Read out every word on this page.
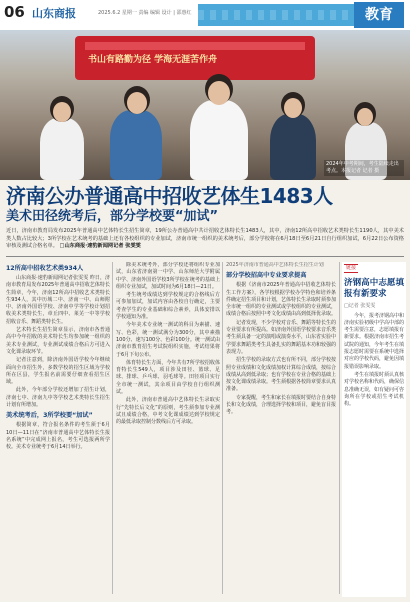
06 山东商报	2025.6.2 星期一 责编 编辑 设计 | 邵惠红	教育
书山有路勤为径 学海无涯苦作舟
2024年中考期间，考生陆续走出考点。本报记者 记者 摄
济南公办普通高中招收艺体生1483人
美术田径统考后，部分学校要“加试”
近日，济南市教育局发布2025年普通高中艺体特长生招生简章，19所公办普通高中共计招收艺体特长生1483人，其中，济南12所高中招收艺术类特长生1190人，其中美术类人数占比较大；3所学校在艺术统考的基础上还有各校组织的专业加试，济南市统一组织的美术统考后，部分学校将在6月18日至6月21日自行组织加试，6月22日公布资格审核及测试合格名单。 □山东商报·速豹新闻网记者 张雯雯
12所高中招收艺术类934人

山东商报·速豹新闻网记者张雯雯 昨日，济南市教育局发布2025年普通高中招收艺体特长生简章，今年，济南12所高中招收艺术类特长生934人，其中历城二中、济南一中、山师附中、济南外国语学校、济南中学等学校计划招收美术类特长生，章丘四中、莱芜一中等学校招收音乐、舞蹈类特长生。

艺术特长生招生简章显示，济南市各普通高中今年招收的美术特长生均参加统一组织的美术专业测试，专业测试成绩合格后方可进入文化课录取环节。

记者注意到，除济南外国语学校今年继续面向全市招生外，多数学校的招生区域为学校所在区县，学生报名前需要仔细查看招生区域。

此外，今年部分学校还增加了招生计划，济南七中、济南九中等学校艺术类特长生招生计划有所增加。

美术统考后，3所学校要“加试”

根据简章，符合报名条件的考生须于6月10日—11日在“济南市普通高中艺体特长生报名系统”中完成网上报名，考生可选报两所学校。美术专业统考于6月14日举行。

除美术统考外，部分学校还将组织专业加试，山东省济南第一中学、山东师范大学附属中学、济南外国语学校3所学校在统考的基础上组织专业加试，加试时间为6月18日—21日。

考生统考成绩达到学校规定的合格线后方可参加加试，加试内容由各校自行确定，主要考查学生的专业基础和综合素养，具体安排以学校通知为准。

今年美术专业统一测试的科目为素描、速写、色彩，统一测试满分为300分，其中素描100分、速写100分、色彩100分。统一测试由济南市教育招生考试院组织实施，考试结果将于6月下旬公布。

体育特长生方面，今年共有7所学校招收体育特长生549人，项目涉及田径、篮球、足球、排球、乒乓球、羽毛球等。田径项目实行全市统一测试，其余项目由学校自行组织测试。

此外，济南市普通高中艺体特长生录取实行“先特长后文化”的原则，考生须参加专业测试且成绩合格，中考文化课成绩达到学校规定的最低录取控制分数线后方可录取。

2025年济南市普通高中艺体特长生招生计划
部分学校招高中专业要求提高

根据《济南市2025年普通高中招收艺体特长生工作方案》，各学校根据学校办学特色和培养条件确定招生项目和计划，艺体特长生录取时须参加全市统一组织的专业测试或学校组织的专业测试，成绩合格后按照中考文化成绩由高到低择优录取。

记者发现，不少学校对音乐、舞蹈等特长生的专业要求有所提高。如济南外国语学校要求音乐类考生须具备一定的演唱或演奏水平，山东省实验中学要求舞蹈类考生具备扎实的舞蹈基本功和较强的表现力。

招生学校的录取方式也有所不同，部分学校按照专业成绩和文化成绩加权计算综合成绩，按综合成绩从高到低录取；也有学校在专业合格的基础上按文化课成绩录取。考生须根据各校简章要求认真准备。

专家提醒，考生和家长在填报时要结合自身特长和文化成绩，合理选择学校和项目，避免盲目报考。

链接
济钢高中志愿填报有新要求
□记者 张雯雯

今年，报考济钢高中和济南实验初级中学高中部的考生需要注意，志愿填报有新要求。根据济南市招生考试院的通知，今年考生在填报志愿时需要在系统中选择对应的学校代码，避免因填报错误影响录取。

考生在填报时须认真核对学校名称和代码，确保信息准确无误，如有疑问可咨询所在学校或招生考试机构。
